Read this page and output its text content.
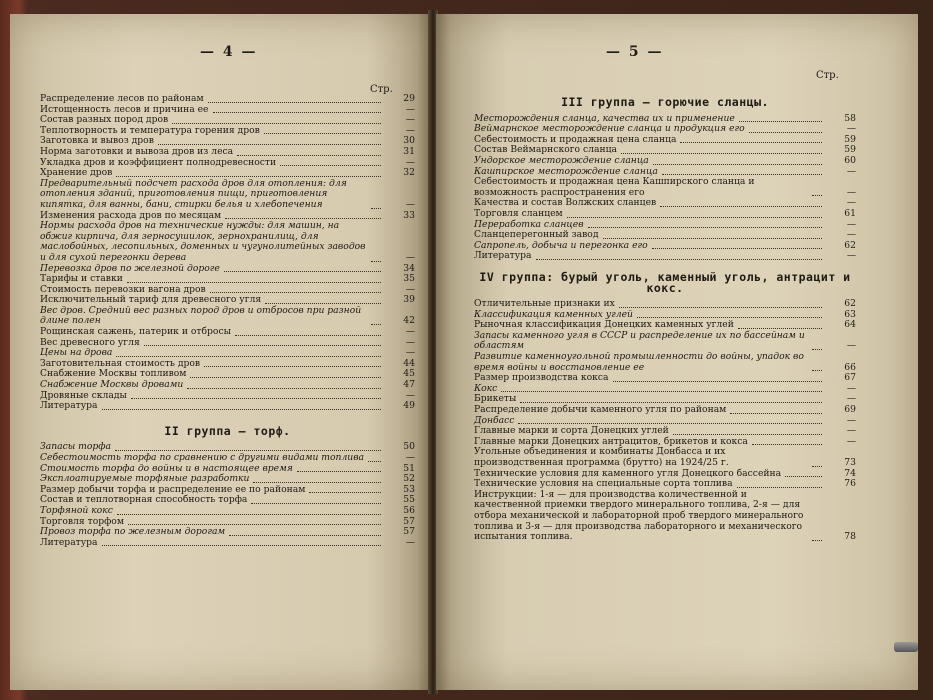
— 4 —
Стр.
Распределение лесов по районам	29
Истощенность лесов и причина ее	—
Состав разных пород дров	—
Теплотворность и температура горения дров	—
Заготовка и вывоз дров	30
Норма заготовки и вывоза дров из леса	31
Укладка дров и коэффициент полнодревесности	—
Хранение дров	32
Предварительный подсчет расхода дров для отопления: для отопления зданий, приготовления пищи, приготовления кипятка, для ванны, бани, стирки белья и хлебопечения	—
Изменения расхода дров по месяцам	33
Нормы расхода дров на технические нужды: для машин, на обжиг кирпича, для зерносушилок, зернохранилищ, для маслобойных, лесопильных, доменных и чугунолитейных заводов и для сухой перегонки дерева	—
Перевозка дров по железной дороге	34
Тарифы и ставки	35
Стоимость перевозки вагона дров	—
Исключительный тариф для древесного угля	39
Вес дров. Средний вес разных пород дров и отбросов при разной длине полен	42
Рощинская сажень, патерик и отбросы	—
Вес древесного угля	—
Цены на дрова	—
Заготовительная стоимость дров	44
Снабжение Москвы топливом	45
Снабжение Москвы дровами	47
Дровяные склады	—
Литература	49
II группа — торф.
Запасы торфа	50
Себестоимость торфа по сравнению с другими видами топлива	—
Стоимость торфа до войны и в настоящее время	51
Эксплоатируемые торфяные разработки	52
Размер добычи торфа и распределение ее по районам	53
Состав и теплотворная способность торфа	55
Торфяной кокс	56
Торговля торфом	57
Провоз торфа по железным дорогам	57
Литература	—
— 5 —
Стр.
III группа — горючие сланцы.
Месторождения сланца, качества их и применение	58
Веймарнское месторождение сланца и продукция его	—
Себестоимость и продажная цена сланца	59
Состав Веймарнского сланца	59
Ундорское месторождение сланца	60
Кашпирское месторождение сланца	—
Себестоимость и продажная цена Кашпирского сланца и возможность распространения его	—
Качества и состав Волжских сланцев	—
Торговля сланцем	61
Переработка сланцев	—
Сланцеперегонный завод	—
Сапропель, добыча и перегонка его	62
Литература	—
IV группа: бурый уголь, каменный уголь, антрацит и кокс.
Отличительные признаки их	62
Классификация каменных углей	63
Рыночная классификация Донецких каменных углей	64
Запасы каменного угля в СССР и распределение их по бассейнам и областям	—
Развитие каменноугольной промышленности до войны, упадок во время войны и восстановление ее	66
Размер производства кокса	67
Кокс	—
Брикеты	—
Распределение добычи каменного угля по районам	69
Донбасс	—
Главные марки и сорта Донецких углей	—
Главные марки Донецких антрацитов, брикетов и кокса	—
Угольные объединения и комбинаты Донбасса и их производственная программа (брутто) на 1924/25 г.	73
Технические условия для каменного угля Донецкого бассейна	74
Технические условия на специальные сорта топлива	76
Инструкции: 1-я — для производства количественной и качественной приемки твердого минерального топлива, 2-я — для отбора механической и лабораторной проб твердого минерального топлива и 3-я — для производства лабораторного и механического испытания топлива.	78
